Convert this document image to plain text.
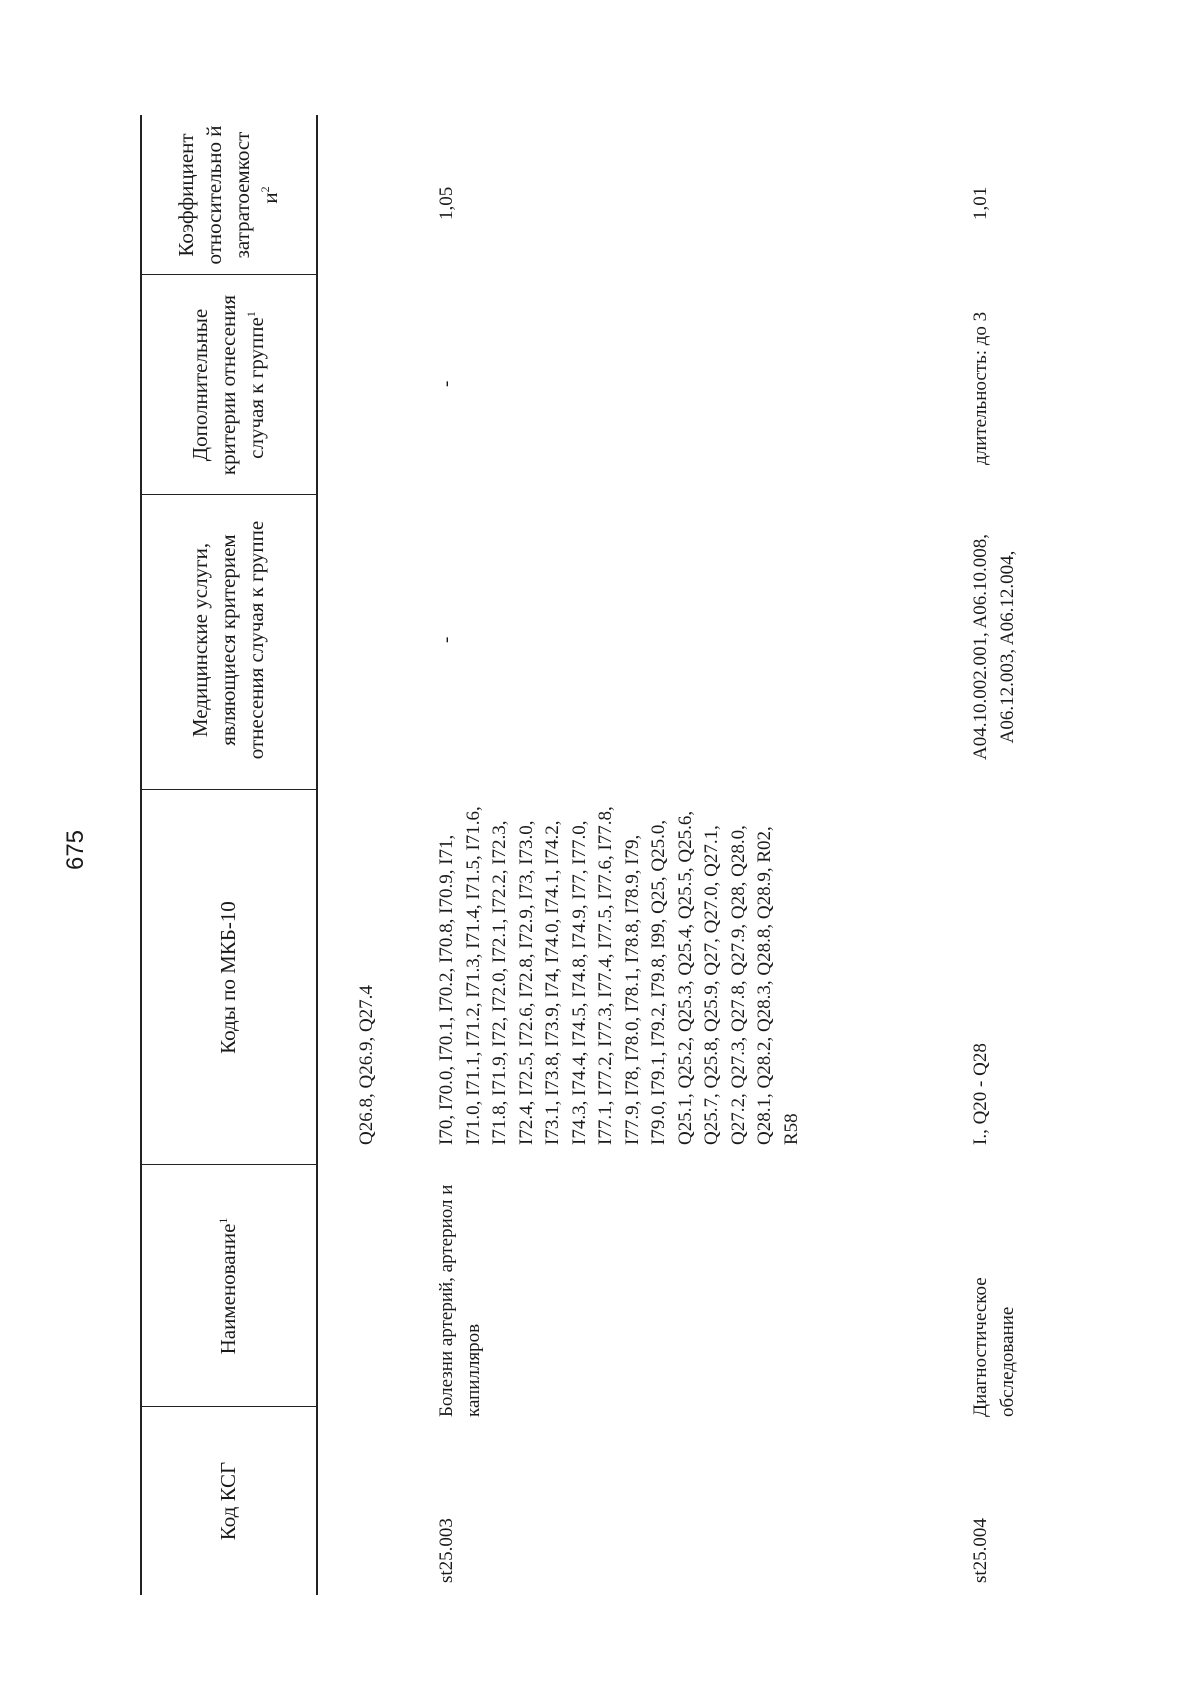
675
Код КСГ
Наименование$^1$
Коды по МКБ-10
Медицинские услуги, являющиеся критерием отнесения случая к группе
Дополнительные критерии отнесения случая к группе$^1$
Коэффициент относительно й затратоемкост $и^2$
Q26.8, Q26.9, Q27.4
st25.003
Болезни артерий, артериол и капилляров
I70, I70.0, I70.1, I70.2, I70.8, I70.9, I71, I71.0, I71.1, I71.2, I71.3, I71.4, I71.5, I71.6, I71.8, I71.9, I72, I72.0, I72.1, I72.2, I72.3, I72.4, I72.5, I72.6, I72.8, I72.9, I73, I73.0, I73.1, I73.8, I73.9, I74, I74.0, I74.1, I74.2, I74.3, I74.4, I74.5, I74.8, I74.9, I77, I77.0, I77.1, I77.2, I77.3, I77.4, I77.5, I77.6, I77.8, I77.9, I78, I78.0, I78.1, I78.8, I78.9, I79, I79.0, I79.1, I79.2, I79.8, I99, Q25, Q25.0, Q25.1, Q25.2, Q25.3, Q25.4, Q25.5, Q25.6, Q25.7, Q25.8, Q25.9, Q27, Q27.0, Q27.1, Q27.2, Q27.3, Q27.8, Q27.9, Q28, Q28.0, Q28.1, Q28.2, Q28.3, Q28.8, Q28.9, R02, R58
-
-
1,05
st25.004
Диагностическое обследование
I., Q20 - Q28
A04.10.002.001, A06.10.008, A06.12.003, A06.12.004,
длительность: до 3
1,01
